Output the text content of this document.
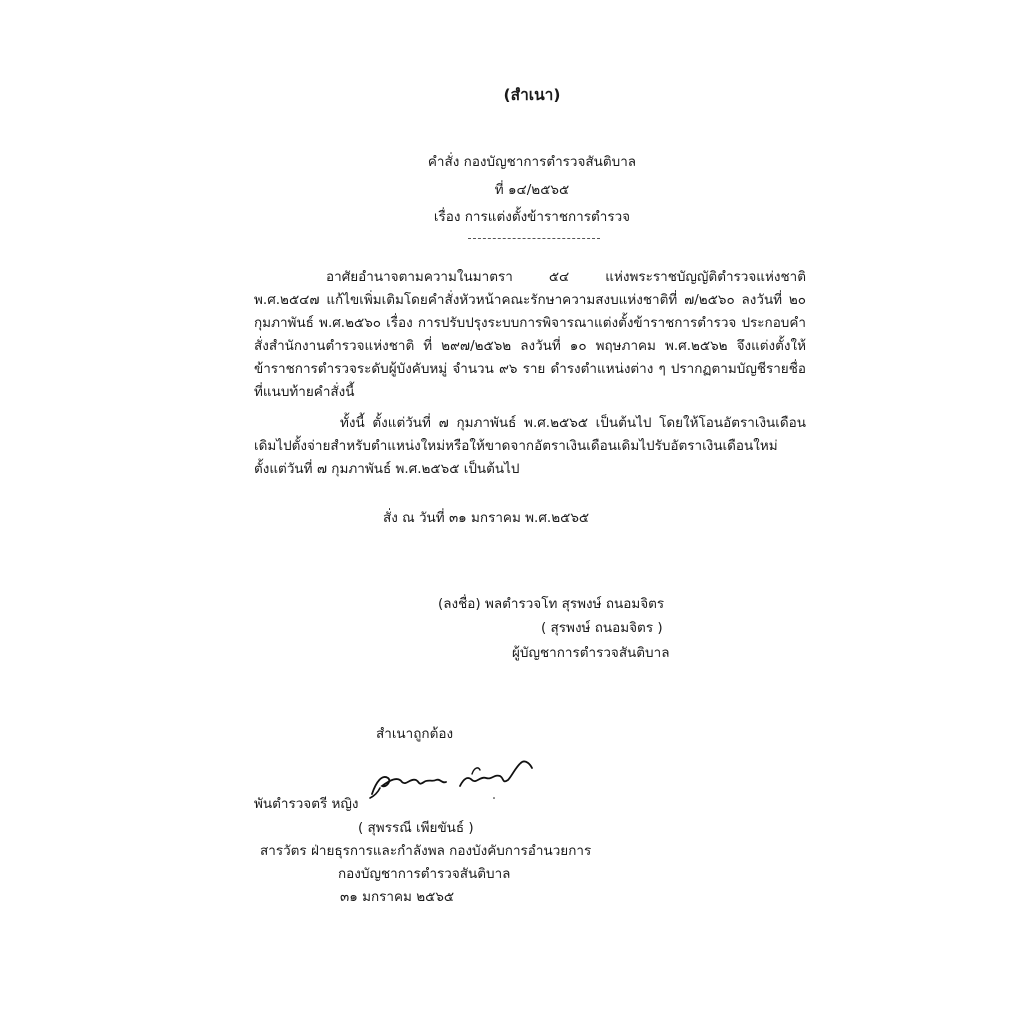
(สำเนา)
คำสั่ง กองบัญชาการตำรวจสันติบาล
ที่ ๑๔/๒๕๖๕
เรื่อง การแต่งตั้งข้าราชการตำรวจ
อาศัยอำนาจตามความในมาตรา ๕๔ แห่งพระราชบัญญัติตำรวจแห่งชาติ พ.ศ.๒๕๔๗ แก้ไขเพิ่มเติมโดยคำสั่งหัวหน้าคณะรักษาความสงบแห่งชาติที่ ๗/๒๕๖๐ ลงวันที่ ๒๐ กุมภาพันธ์ พ.ศ.๒๕๖๐ เรื่อง การปรับปรุงระบบการพิจารณาแต่งตั้งข้าราชการตำรวจ ประกอบคำสั่งสำนักงานตำรวจแห่งชาติ ที่ ๒๙๗/๒๕๖๒ ลงวันที่ ๑๐ พฤษภาคม พ.ศ.๒๕๖๒ จึงแต่งตั้งให้ข้าราชการตำรวจระดับผู้บังคับหมู่ จำนวน ๙๖ ราย ดำรงตำแหน่งต่าง ๆ ปรากฏตามบัญชีรายชื่อที่แนบท้ายคำสั่งนี้
ทั้งนี้ ตั้งแต่วันที่ ๗ กุมภาพันธ์ พ.ศ.๒๕๖๕ เป็นต้นไป โดยให้โอนอัตราเงินเดือนเดิมไปตั้งจ่ายสำหรับตำแหน่งใหม่หรือให้ขาดจากอัตราเงินเดือนเดิมไปรับอัตราเงินเดือนใหม่ ตั้งแต่วันที่ ๗ กุมภาพันธ์ พ.ศ.๒๕๖๕ เป็นต้นไป
สั่ง ณ วันที่ ๓๑ มกราคม พ.ศ.๒๕๖๕
(ลงชื่อ) พลตำรวจโท สุรพงษ์ ถนอมจิตร
( สุรพงษ์ ถนอมจิตร )
ผู้บัญชาการตำรวจสันติบาล
สำเนาถูกต้อง
พันตำรวจตรี หญิง
( สุพรรณี เพียขันธ์ )
สารวัตร ฝ่ายธุรการและกำลังพล กองบังคับการอำนวยการ
กองบัญชาการตำรวจสันติบาล
๓๑ มกราคม ๒๕๖๕
